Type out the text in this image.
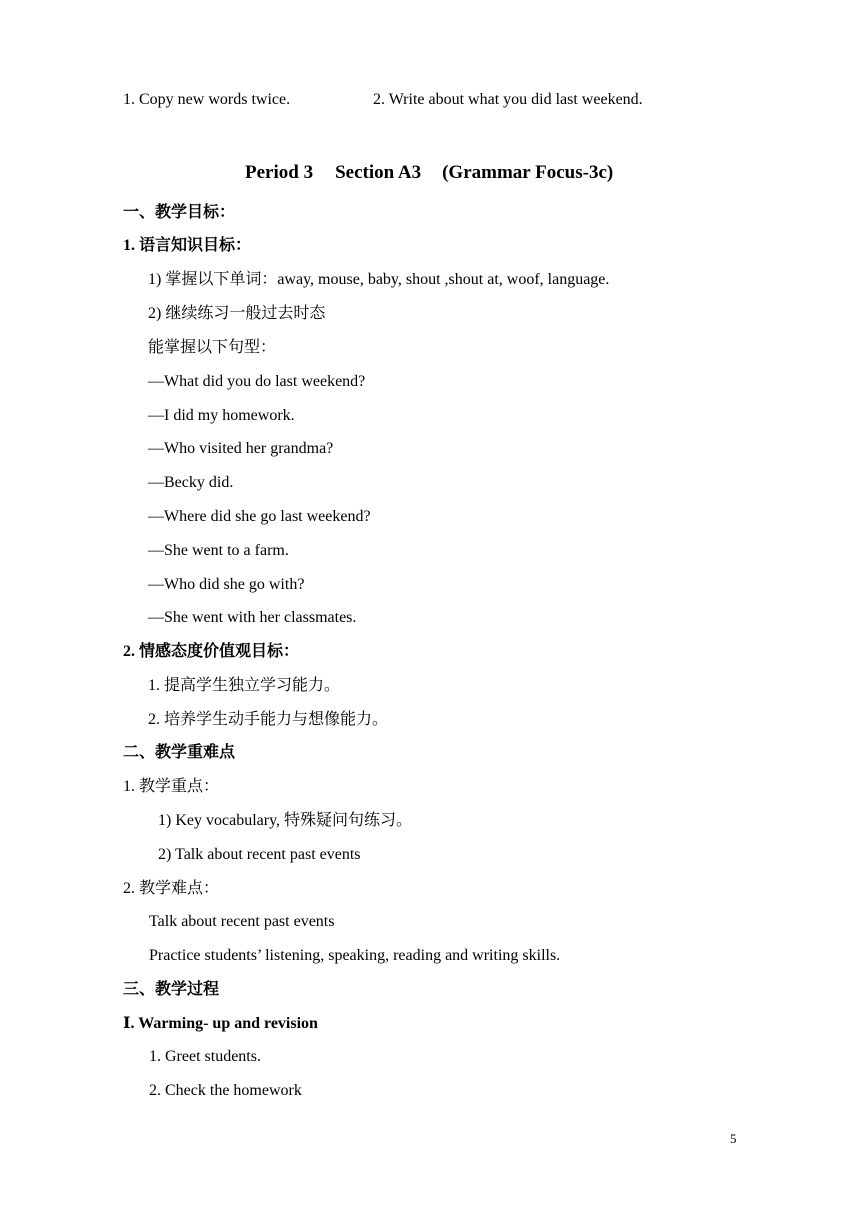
1. Copy new words twice.	2. Write about what you did last weekend.
Period 3 Section A3 (Grammar Focus-3c)
一、教学目标：
1. 语言知识目标：
1) 掌握以下单词：away, mouse, baby, shout ,shout at, woof, language.
2) 继续练习一般过去时态
能掌握以下句型：
—What did you do last weekend?
—I did my homework.
—Who visited her grandma?
—Becky did.
—Where did she go last weekend?
—She went to a farm.
—Who did she go with?
—She went with her classmates.
2. 情感态度价值观目标：
1. 提高学生独立学习能力。
2. 培养学生动手能力与想像能力。
二、教学重难点
1. 教学重点：
1) Key vocabulary, 特殊疑问句练习。
2) Talk about recent past events
2. 教学难点：
Talk about recent past events
Practice students’ listening, speaking, reading and writing skills.
三、教学过程
Ⅰ. Warming- up and revision
1. Greet students.
2. Check the homework
5
